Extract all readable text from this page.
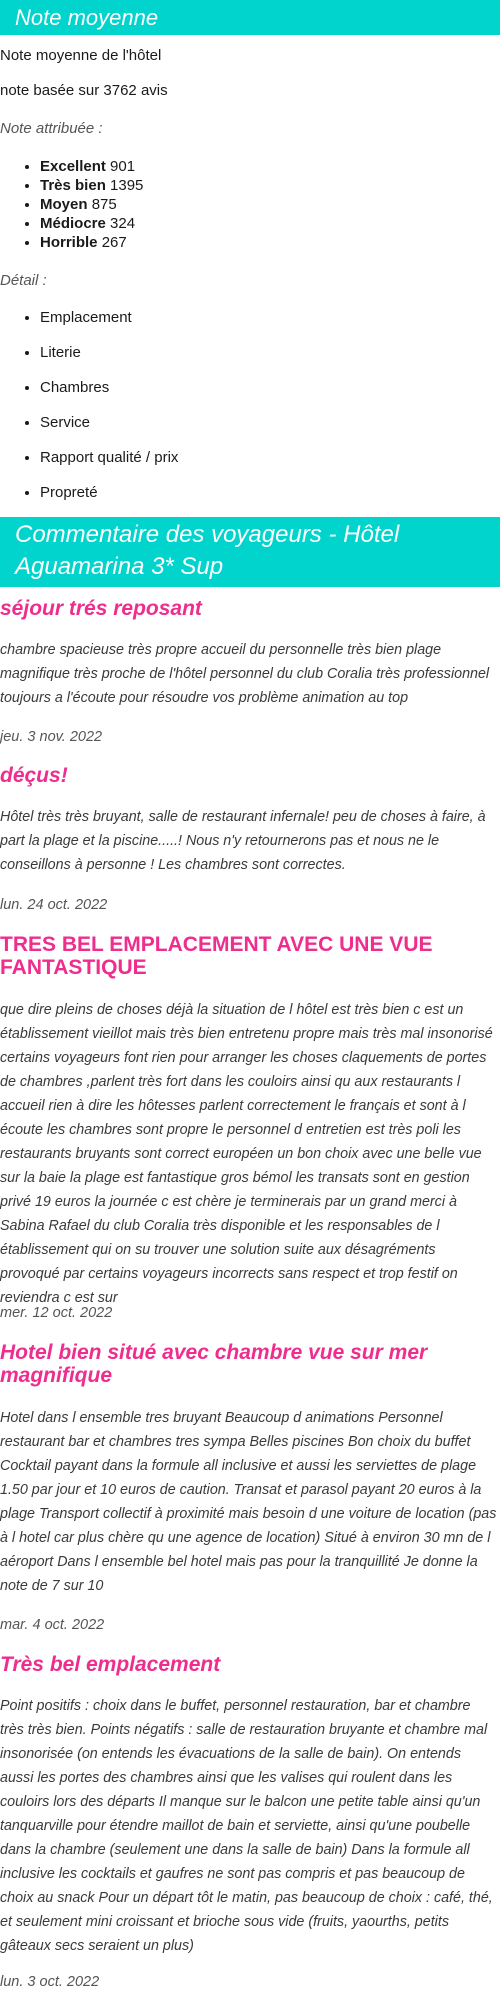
Note moyenne

Note moyenne de l'hôtel

note basée sur 3762 avis

Note attribuée :

• Excellent 901
• Très bien 1395
• Moyen 875
• Médiocre 324
• Horrible 267

Détail :

• Emplacement
• Literie
• Chambres
• Service
• Rapport qualité / prix
• Propreté
Commentaire des voyageurs - Hôtel
Aguamarina 3* Sup
séjour trés reposant

chambre spacieuse très propre accueil du personnelle très bien plage magnifique très proche de l'hôtel personnel du club Coralia très professionnel toujours a l'écoute pour résoudre vos problème animation au top

jeu. 3 nov. 2022

déçus!

Hôtel très très bruyant, salle de restaurant infernale! peu de choses à faire, à part la plage et la piscine.....! Nous n'y retournerons pas et nous ne le conseillons à personne ! Les chambres sont correctes.

lun. 24 oct. 2022

TRES BEL EMPLACEMENT AVEC UNE VUE FANTASTIQUE

que dire pleins de choses déjà la situation de l hôtel est très bien c est un établissement vieillot mais très bien entretenu propre mais très mal insonorisé certains voyageurs font rien pour arranger les choses claquements de portes de chambres ,parlent très fort dans les couloirs ainsi qu aux restaurants l accueil rien à dire les hôtesses parlent correctement le français et sont à l écoute les chambres sont propre le personnel d entretien est très poli les restaurants bruyants sont correct européen un bon choix avec une belle vue sur la baie la plage est fantastique gros bémol les transats sont en gestion privé 19 euros la journée c est chère je terminerais par un grand merci à Sabina Rafael du club Coralia très disponible et les responsables de l établissement qui on su trouver une solution suite aux désagréments provoqué par certains voyageurs incorrects sans respect et trop festif on reviendra c est sur

mer. 12 oct. 2022

Hotel bien situé avec chambre vue sur mer magnifique

Hotel dans l ensemble tres bruyant Beaucoup d animations Personnel restaurant bar et chambres tres sympa Belles piscines Bon choix du buffet Cocktail payant dans la formule all inclusive et aussi les serviettes de plage 1.50 par jour et 10 euros de caution. Transat et parasol payant 20 euros à la plage Transport collectif à proximité mais besoin d une voiture de location (pas à l hotel car plus chère qu une agence de location) Situé à environ 30 mn de l aéroport Dans l ensemble bel hotel mais pas pour la tranquillité Je donne la note de 7 sur 10

mar. 4 oct. 2022

Très bel emplacement

Point positifs : choix dans le buffet, personnel restauration, bar et chambre très très bien. Points négatifs : salle de restauration bruyante et chambre mal insonorisée (on entends les évacuations de la salle de bain). On entends aussi les portes des chambres ainsi que les valises qui roulent dans les couloirs lors des départs Il manque sur le balcon une petite table ainsi qu'un tanquarville pour étendre maillot de bain et serviette, ainsi qu'une poubelle dans la chambre (seulement une dans la salle de bain) Dans la formule all inclusive les cocktails et gaufres ne sont pas compris et pas beaucoup de choix au snack Pour un départ tôt le matin, pas beaucoup de choix : café, thé, et seulement mini croissant et brioche sous vide (fruits, yaourths, petits gâteaux secs seraient un plus)

lun. 3 oct. 2022
